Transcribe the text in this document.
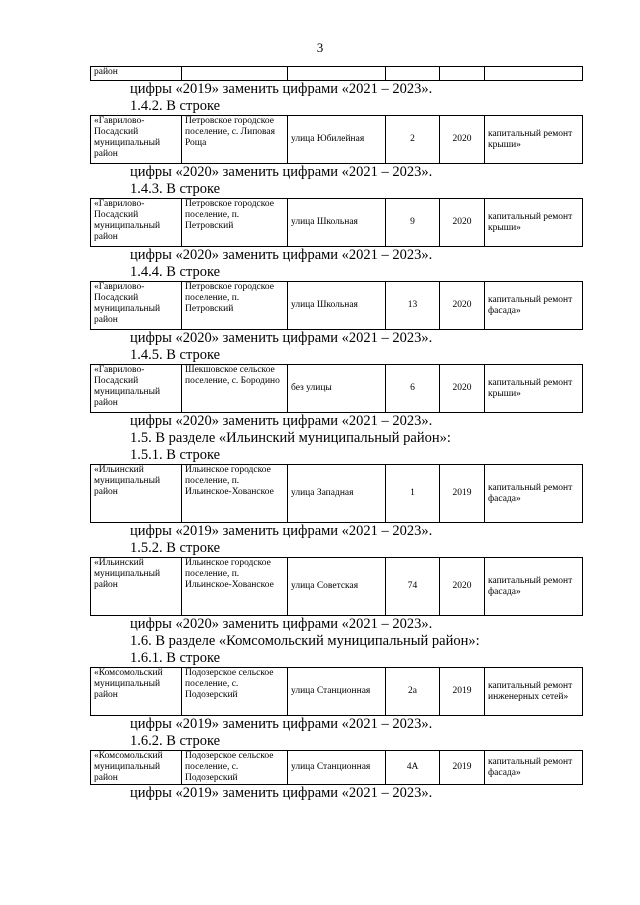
3
район					
цифры «2019» заменить цифрами «2021 – 2023».
1.4.2. В строке
«Гаврилово-Посадский муниципальный район	Петровское городское поселение, с. Липовая Роща	улица Юбилейная	2	2020	капитальный ремонт крыши»
цифры «2020» заменить цифрами «2021 – 2023».
1.4.3. В строке
«Гаврилово-Посадский муниципальный район	Петровское городское поселение, п. Петровский	улица Школьная	9	2020	капитальный ремонт крыши»
цифры «2020» заменить цифрами «2021 – 2023».
1.4.4. В строке
«Гаврилово-Посадский муниципальный район	Петровское городское поселение, п. Петровский	улица Школьная	13	2020	капитальный ремонт фасада»
цифры «2020» заменить цифрами «2021 – 2023».
1.4.5. В строке
«Гаврилово-Посадский муниципальный район	Шекшовское сельское поселение, с. Бородино	без улицы	6	2020	капитальный ремонт крыши»
цифры «2020» заменить цифрами «2021 – 2023».
1.5. В разделе «Ильинский муниципальный район»:
1.5.1. В строке
«Ильинский муниципальный район	Ильинское городское поселение, п. Ильинское-Хованское	улица Западная	1	2019	капитальный ремонт фасада»
цифры «2019» заменить цифрами «2021 – 2023».
1.5.2. В строке
«Ильинский муниципальный район	Ильинское городское поселение, п. Ильинское-Хованское	улица Советская	74	2020	капитальный ремонт фасада»
цифры «2020» заменить цифрами «2021 – 2023».
1.6. В разделе «Комсомольский муниципальный район»:
1.6.1. В строке
«Комсомольский муниципальный район	Подозерское сельское поселение, с. Подозерский	улица Станционная	2а	2019	капитальный ремонт инженерных сетей»
цифры «2019» заменить цифрами «2021 – 2023».
1.6.2. В строке
«Комсомольский муниципальный район	Подозерское сельское поселение, с. Подозерский	улица Станционная	4А	2019	капитальный ремонт фасада»
цифры «2019» заменить цифрами «2021 – 2023».
